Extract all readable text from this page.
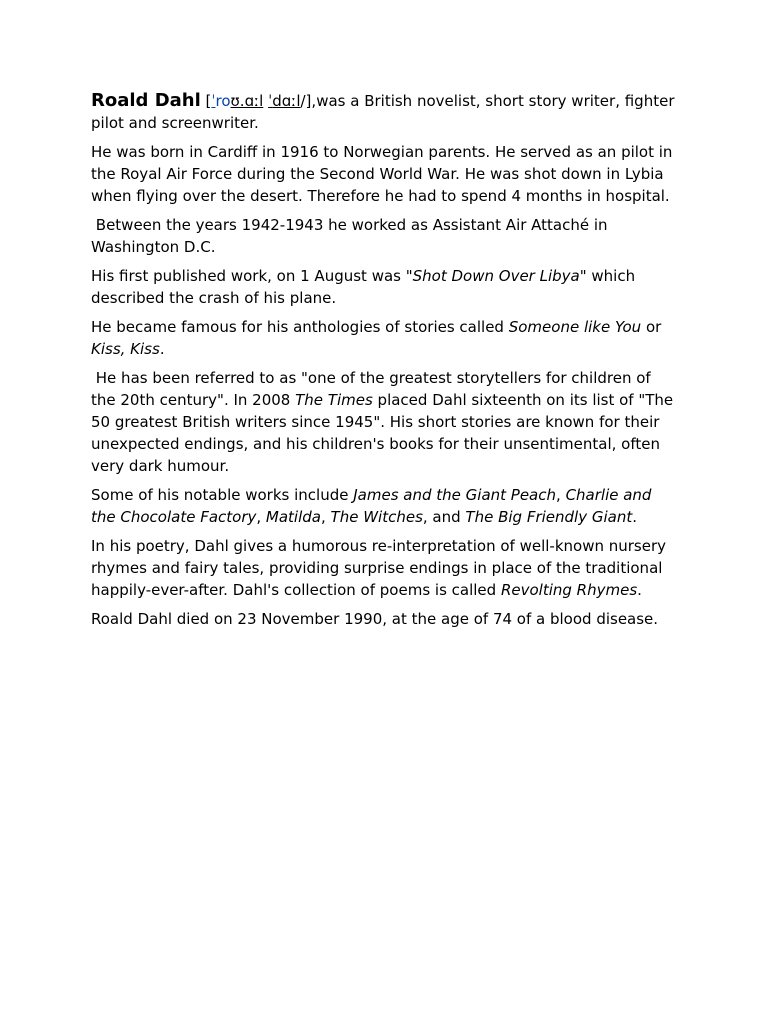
Roald Dahl [ˈroʊ.ɑːl ˈdɑːl/],was a British novelist, short story writer, fighter pilot and screenwriter.

He was born in Cardiff in 1916 to Norwegian parents. He served as an pilot in the Royal Air Force during the Second World War. He was shot down in Lybia when flying over the desert. Therefore he had to spend 4 months in hospital.

Between the years 1942-1943 he worked as Assistant Air Attaché in Washington D.C.

His first published work, on 1 August was "Shot Down Over Libya" which described the crash of his plane.

He became famous for his anthologies of stories called Someone like You or Kiss, Kiss.

He has been referred to as "one of the greatest storytellers for children of the 20th century". In 2008 The Times placed Dahl sixteenth on its list of "The 50 greatest British writers since 1945". His short stories are known for their unexpected endings, and his children's books for their unsentimental, often very dark humour.

Some of his notable works include James and the Giant Peach, Charlie and the Chocolate Factory, Matilda, The Witches, and The Big Friendly Giant.

In his poetry, Dahl gives a humorous re-interpretation of well-known nursery rhymes and fairy tales, providing surprise endings in place of the traditional happily-ever-after. Dahl's collection of poems is called Revolting Rhymes.

Roald Dahl died on 23 November 1990, at the age of 74 of a blood disease.
